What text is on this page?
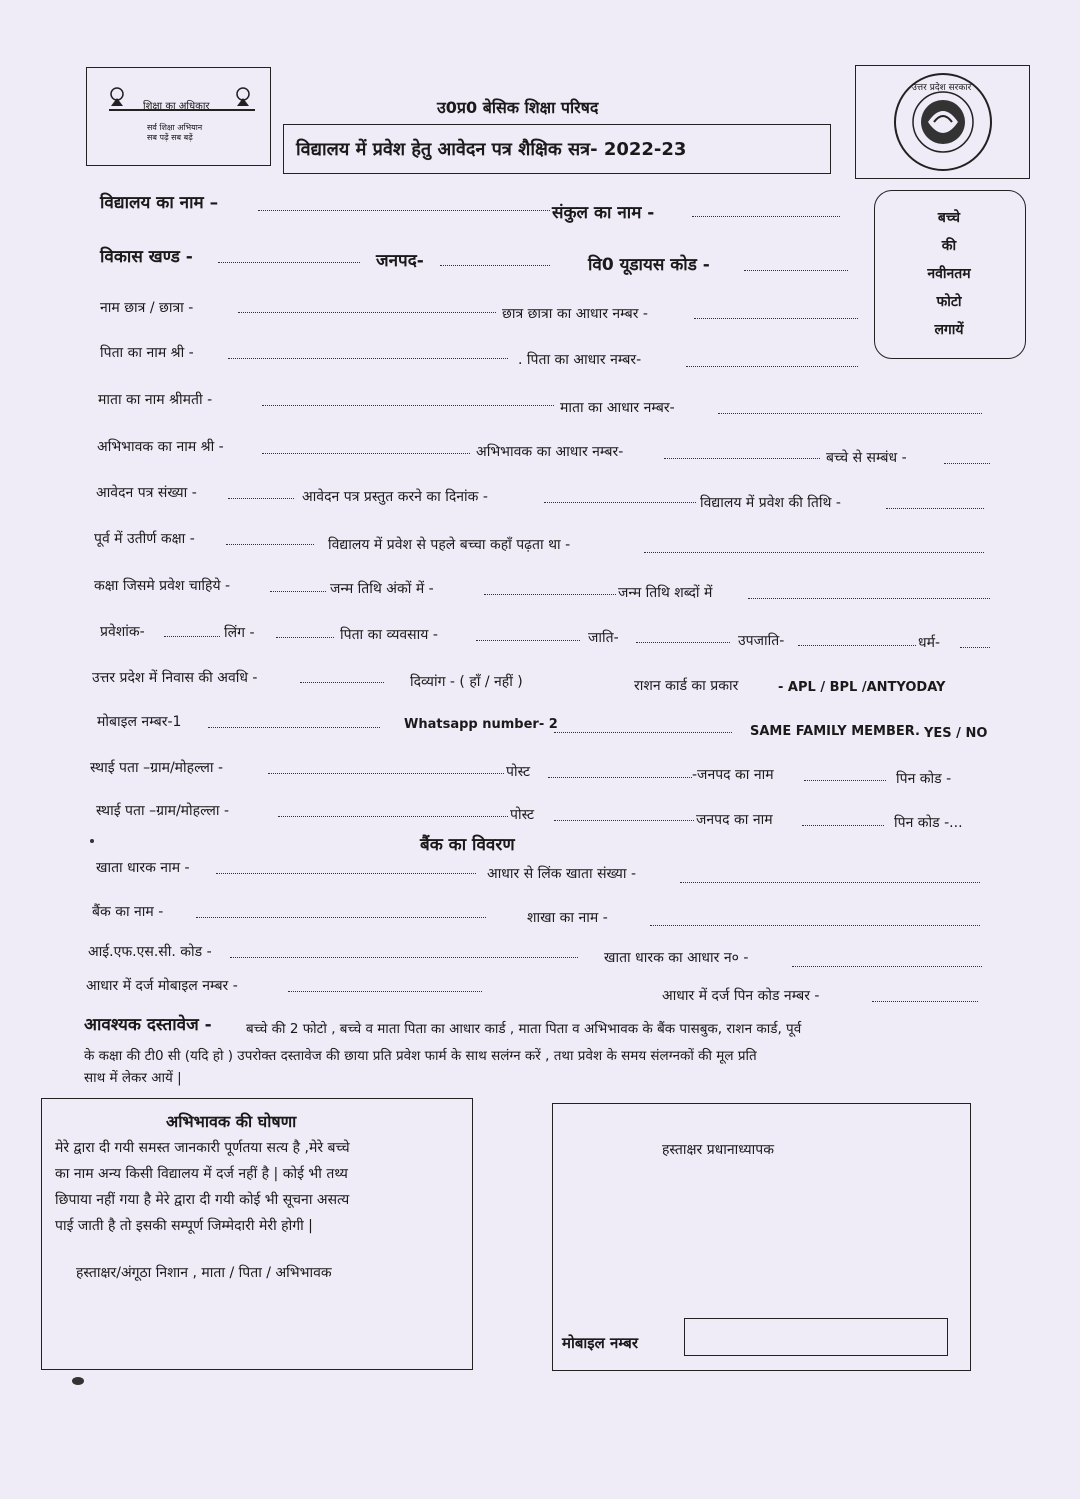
शिक्षा का अधिकार
सर्व शिक्षा अभियान
सब पढ़ें सब बढ़ें
उ0प्र0 बेसिक शिक्षा परिषद
विद्यालय में प्रवेश हेतु आवेदन पत्र शैक्षिक सत्र- 2022-23
उत्तर प्रदेश सरकार
बच्चे
की
नवीनतम
फोटो
लगायें
विद्यालय का नाम –	संकुल का नाम -
विकास खण्ड -	जनपद-	वि0 यूडायस कोड -
नाम छात्र / छात्रा -	छात्र छात्रा का आधार नम्बर -
पिता का नाम श्री -	. पिता का आधार नम्बर-
माता का नाम श्रीमती -	माता का आधार नम्बर-
अभिभावक का नाम श्री -	अभिभावक का आधार नम्बर-	बच्चे से सम्बंध -
आवेदन पत्र संख्या -	आवेदन पत्र प्रस्तुत करने का दिनांक -	विद्यालय में प्रवेश की तिथि -
पूर्व में उतीर्ण कक्षा -	विद्यालय में प्रवेश से पहले बच्चा कहाँ पढ़ता था -
कक्षा जिसमे प्रवेश चाहिये -	जन्म तिथि अंकों में -	जन्म तिथि शब्दों में
प्रवेशांक-	लिंग -	पिता का व्यवसाय -	जाति-	उपजाति-	धर्म-
उत्तर प्रदेश में निवास की अवधि -	दिव्यांग - ( हाँ / नहीं )	राशन कार्ड का प्रकार	- APL / BPL /ANTYODAY
मोबाइल नम्बर-1	Whatsapp number- 2	SAME FAMILY MEMBER. YES / NO
स्थाई पता –ग्राम/मोहल्ला -	पोस्ट	-जनपद का नाम	पिन कोड -
स्थाई पता –ग्राम/मोहल्ला -	पोस्ट	जनपद का नाम	पिन कोड -...
बैंक का विवरण
खाता धारक नाम -	आधार से लिंक खाता संख्या -
बैंक का नाम -	शाखा का नाम -
आई.एफ.एस.सी. कोड -	खाता धारक का आधार न० -
आधार में दर्ज मोबाइल नम्बर -
आधार में दर्ज पिन कोड नम्बर -
आवश्यक दस्तावेज -	बच्चे की 2 फोटो , बच्चे व माता पिता का आधार कार्ड , माता पिता व अभिभावक के बैंक पासबुक, राशन कार्ड, पूर्व
के कक्षा की टी0 सी (यदि हो ) उपरोक्त दस्तावेज की छाया प्रति प्रवेश फार्म के साथ सलंग्न करें , तथा प्रवेश के समय संलग्नकों की मूल प्रति
साथ में लेकर आयें |
अभिभावक की घोषणा
मेरे द्वारा दी गयी समस्त जानकारी पूर्णतया सत्य है ,मेरे बच्चे
का नाम अन्य किसी विद्यालय में दर्ज नहीं है | कोई भी तथ्य
छिपाया नहीं गया है मेरे द्वारा दी गयी कोई भी सूचना असत्य
पाई जाती है तो इसकी सम्पूर्ण जिम्मेदारी मेरी होगी |
हस्ताक्षर/अंगूठा निशान , माता / पिता / अभिभावक
हस्ताक्षर प्रधानाध्यापक
मोबाइल नम्बर
